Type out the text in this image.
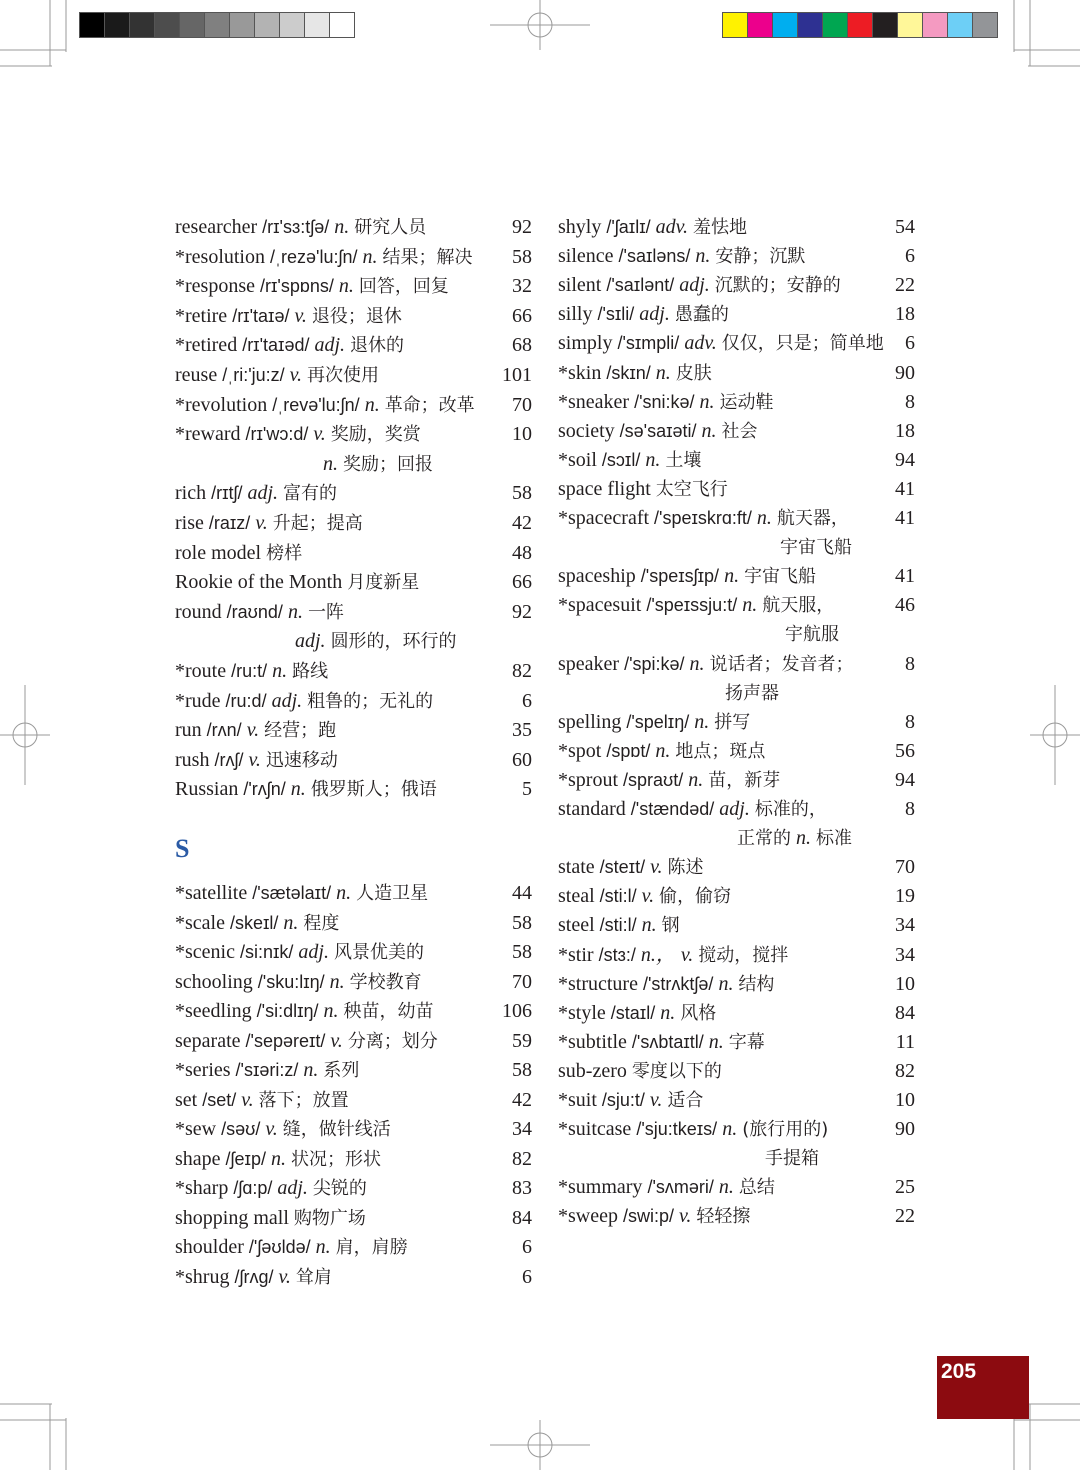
researcher /rɪ'sɜ:tʃə/ n. 研究人员	92
*resolution /ˌrezə'lu:ʃn/ n. 结果；解决 58
*response /rɪ'spɒns/ n. 回答，回复	32
*retire /rɪ'taɪə/ v. 退役；退休	66
*retired /rɪ'taɪəd/ adj. 退休的	68
reuse /ˌri:'ju:z/ v. 再次使用	101
*revolution /ˌrevə'lu:ʃn/ n. 革命；改革 70
*reward /rɪ'wɔ:d/ v. 奖励，奖赏	10
n. 奖励；回报
rich /rɪtʃ/ adj. 富有的	58
rise /raɪz/ v. 升起；提高	42
role model 榜样	48
Rookie of the Month 月度新星	66
round /raʊnd/ n. 一阵	92
adj. 圆形的，环行的
*route /ru:t/ n. 路线	82
*rude /ru:d/ adj. 粗鲁的；无礼的	6
run /rʌn/ v. 经营；跑	35
rush /rʌʃ/ v. 迅速移动	60
Russian /'rʌʃn/ n. 俄罗斯人；俄语	5
S
*satellite /'sætəlaɪt/ n. 人造卫星	44
*scale /skeɪl/ n. 程度	58
*scenic /si:nɪk/ adj. 风景优美的	58
schooling /'sku:lɪŋ/ n. 学校教育	70
*seedling /'si:dlɪŋ/ n. 秧苗，幼苗	106
separate /'sepəreɪt/ v. 分离；划分	59
*series /'sɪəri:z/ n. 系列	58
set /set/ v. 落下；放置	42
*sew /səʊ/ v. 缝，做针线活	34
shape /ʃeɪp/ n. 状况；形状	82
*sharp /ʃɑ:p/ adj. 尖锐的	83
shopping mall 购物广场	84
shoulder /'ʃəʊldə/ n. 肩，肩膀	6
*shrug /ʃrʌg/ v. 耸肩	6
shyly /'ʃaɪlɪ/ adv. 羞怯地	54
silence /'saɪləns/ n. 安静；沉默	6
silent /'saɪlənt/ adj. 沉默的；安静的	22
silly /'sɪli/ adj. 愚蠢的	18
simply /'sɪmpli/ adv. 仅仅，只是；简单地 6
*skin /skɪn/ n. 皮肤	90
*sneaker /'sni:kə/ n. 运动鞋	8
society /sə'saɪəti/ n. 社会	18
*soil /sɔɪl/ n. 土壤	94
space flight 太空飞行	41
*spacecraft /'speɪskrɑ:ft/ n. 航天器， 41
宇宙飞船
spaceship /'speɪsʃɪp/ n. 宇宙飞船	41
*spacesuit /'speɪssju:t/ n. 航天服，	46
宇航服
speaker /'spi:kə/ n. 说话者；发音者；	8
扬声器
spelling /'spelɪŋ/ n. 拼写	8
*spot /spɒt/ n. 地点；斑点	56
*sprout /spraʊt/ n. 苗，新芽	94
standard /'stændəd/ adj. 标准的，	8
正常的 n. 标准
state /steɪt/ v. 陈述	70
steal /sti:l/ v. 偷，偷窃	19
steel /sti:l/ n. 钢	34
*stir /stɜ:/ n.， v. 搅动，搅拌	34
*structure /'strʌktʃə/ n. 结构	10
*style /staɪl/ n. 风格	84
*subtitle /'sʌbtaɪtl/ n. 字幕	11
sub-zero 零度以下的	82
*suit /sju:t/ v. 适合	10
*suitcase /'sju:tkeɪs/ n. (旅行用的)	90
手提箱
*summary /'sʌməri/ n. 总结	25
*sweep /swi:p/ v. 轻轻擦	22
205
